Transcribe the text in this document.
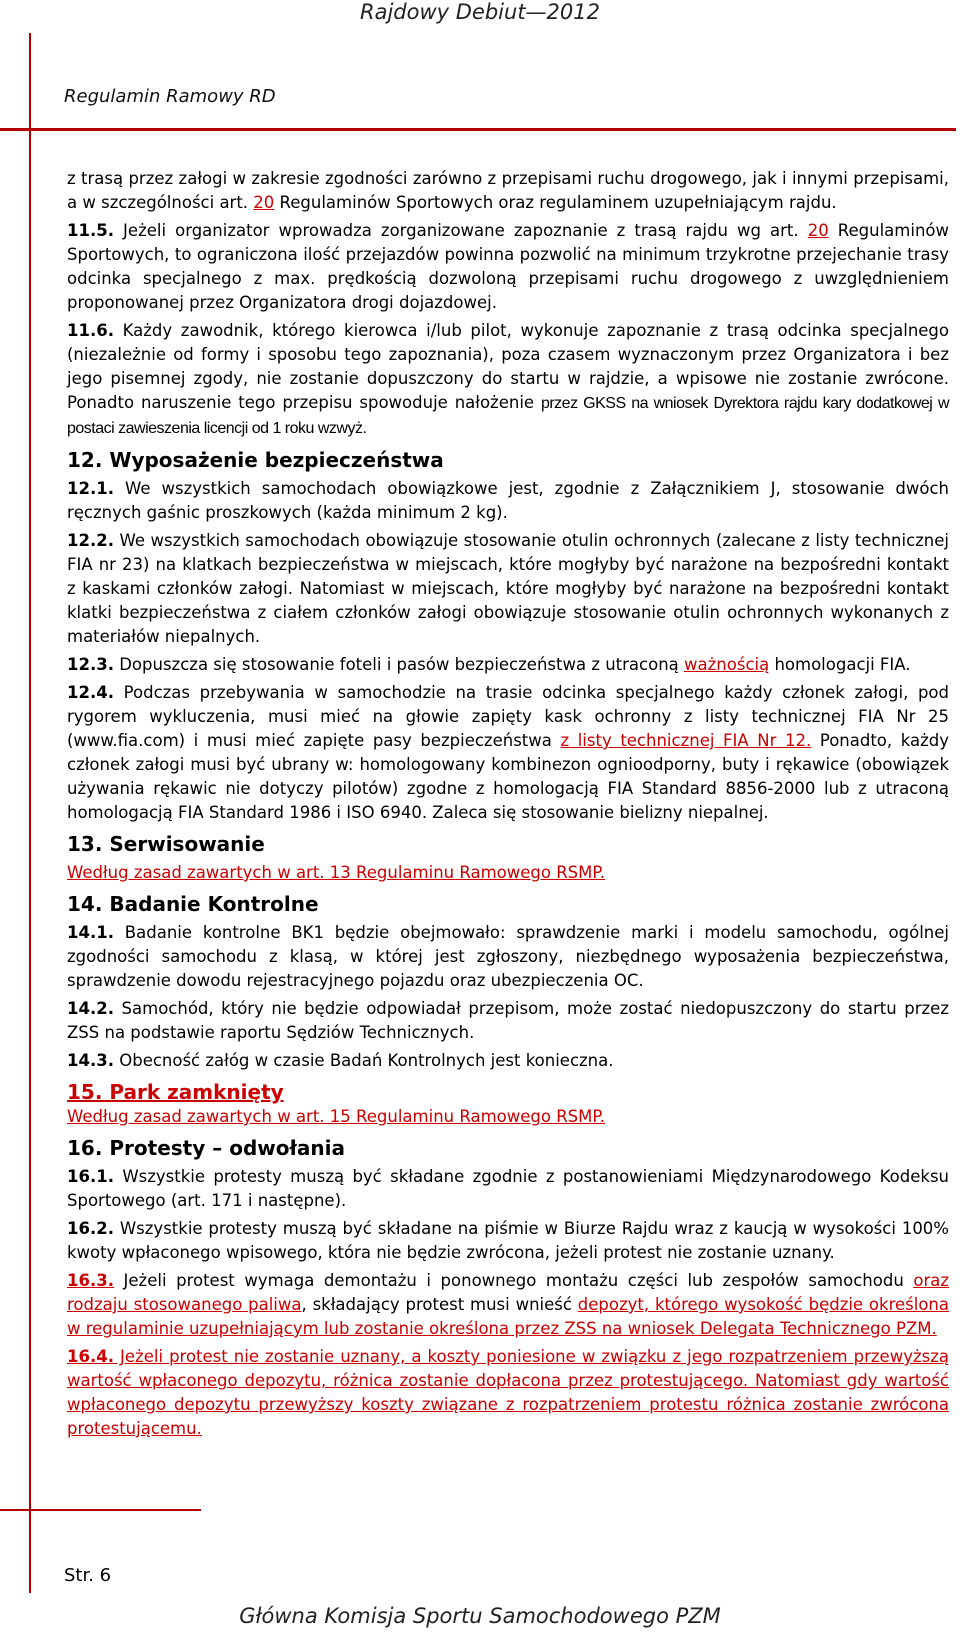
Rajdowy Debiut—2012
Regulamin Ramowy RD

z trasą przez załogi w zakresie zgodności zarówno z przepisami ruchu drogowego, jak i innymi przepisami, a w szczególności art. 20 Regulaminów Sportowych oraz regulaminem uzupełniającym rajdu.

11.5. Jeżeli organizator wprowadza zorganizowane zapoznanie z trasą rajdu wg art. 20 Regulaminów Sportowych, to ograniczona ilość przejazdów powinna pozwolić na minimum trzykrotne przejechanie trasy odcinka specjalnego z max. prędkością dozwoloną przepisami ruchu drogowego z uwzględnieniem proponowanej przez Organizatora drogi dojazdowej.

11.6. Każdy zawodnik, którego kierowca i/lub pilot, wykonuje zapoznanie z trasą odcinka specjalnego (niezależnie od formy i sposobu tego zapoznania), poza czasem wyznaczonym przez Organizatora i bez jego pisemnej zgody, nie zostanie dopuszczony do startu w rajdzie, a wpisowe nie zostanie zwrócone. Ponadto naruszenie tego przepisu spowoduje nałożenie przez GKSS na wniosek Dyrektora rajdu kary dodatkowej w postaci zawieszenia licencji od 1 roku wzwyż.

12. Wyposażenie bezpieczeństwa

12.1. We wszystkich samochodach obowiązkowe jest, zgodnie z Załącznikiem J, stosowanie dwóch ręcznych gaśnic proszkowych (każda minimum 2 kg).

12.2. We wszystkich samochodach obowiązuje stosowanie otulin ochronnych (zalecane z listy technicznej FIA nr 23) na klatkach bezpieczeństwa w miejscach, które mogłyby być narażone na bezpośredni kontakt z kaskami członków załogi. Natomiast w miejscach, które mogłyby być narażone na bezpośredni kontakt klatki bezpieczeństwa z ciałem członków załogi obowiązuje stosowanie otulin ochronnych wykonanych z materiałów niepalnych.

12.3. Dopuszcza się stosowanie foteli i pasów bezpieczeństwa z utraconą ważnością homologacji FIA.

12.4. Podczas przebywania w samochodzie na trasie odcinka specjalnego każdy członek załogi, pod rygorem wykluczenia, musi mieć na głowie zapięty kask ochronny z listy technicznej FIA Nr 25 (www.fia.com) i musi mieć zapięte pasy bezpieczeństwa z listy technicznej FIA Nr 12. Ponadto, każdy członek załogi musi być ubrany w: homologowany kombinezon ognioodporny, buty i rękawice (obowiązek używania rękawic nie dotyczy pilotów) zgodne z homologacją FIA Standard 8856-2000 lub z utraconą homologacją FIA Standard 1986 i ISO 6940. Zaleca się stosowanie bielizny niepalnej.

13. Serwisowanie

Według zasad zawartych w art. 13 Regulaminu Ramowego RSMP.

14. Badanie Kontrolne

14.1. Badanie kontrolne BK1 będzie obejmowało: sprawdzenie marki i modelu samochodu, ogólnej zgodności samochodu z klasą, w której jest zgłoszony, niezbędnego wyposażenia bezpieczeństwa, sprawdzenie dowodu rejestracyjnego pojazdu oraz ubezpieczenia OC.

14.2. Samochód, który nie będzie odpowiadał przepisom, może zostać niedopuszczony do startu przez ZSS na podstawie raportu Sędziów Technicznych.

14.3. Obecność załóg w czasie Badań Kontrolnych jest konieczna.

15. Park zamknięty

Według zasad zawartych w art. 15 Regulaminu Ramowego RSMP.

16. Protesty – odwołania

16.1. Wszystkie protesty muszą być składane zgodnie z postanowieniami Międzynarodowego Kodeksu Sportowego (art. 171 i następne).

16.2. Wszystkie protesty muszą być składane na piśmie w Biurze Rajdu wraz z kaucją w wysokości 100% kwoty wpłaconego wpisowego, która nie będzie zwrócona, jeżeli protest nie zostanie uznany.

16.3. Jeżeli protest wymaga demontażu i ponownego montażu części lub zespołów samochodu oraz rodzaju stosowanego paliwa, składający protest musi wnieść depozyt, którego wysokość będzie określona w regulaminie uzupełniającym lub zostanie określona przez ZSS na wniosek Delegata Technicznego PZM.

16.4. Jeżeli protest nie zostanie uznany, a koszty poniesione w związku z jego rozpatrzeniem przewyższą wartość wpłaconego depozytu, różnica zostanie dopłacona przez protestującego. Natomiast gdy wartość wpłaconego depozytu przewyższy koszty związane z rozpatrzeniem protestu różnica zostanie zwrócona protestującemu.

Str. 6
Główna Komisja Sportu Samochodowego PZM
